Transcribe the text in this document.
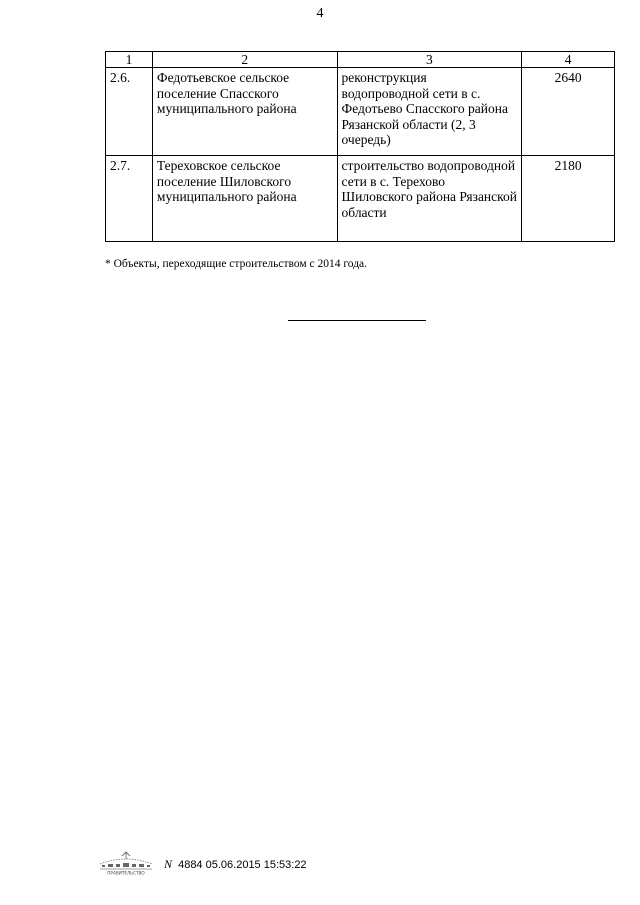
4
1	2	3	4
2.6.	Федотьевское сельское поселение Спасского муниципального района	реконструкция водопроводной сети в с. Федотьево Спасского района Рязанской области (2, 3 очередь)	2640
2.7.	Тереховское сельское поселение Шиловского муниципального района	строительство водопроводной сети в с. Терехово Шиловского района Рязанской области	2180
* Объекты, переходящие строительством с 2014 года.
ПРАВИТЕЛЬСТВО
N 4884 05.06.2015 15:53:22
